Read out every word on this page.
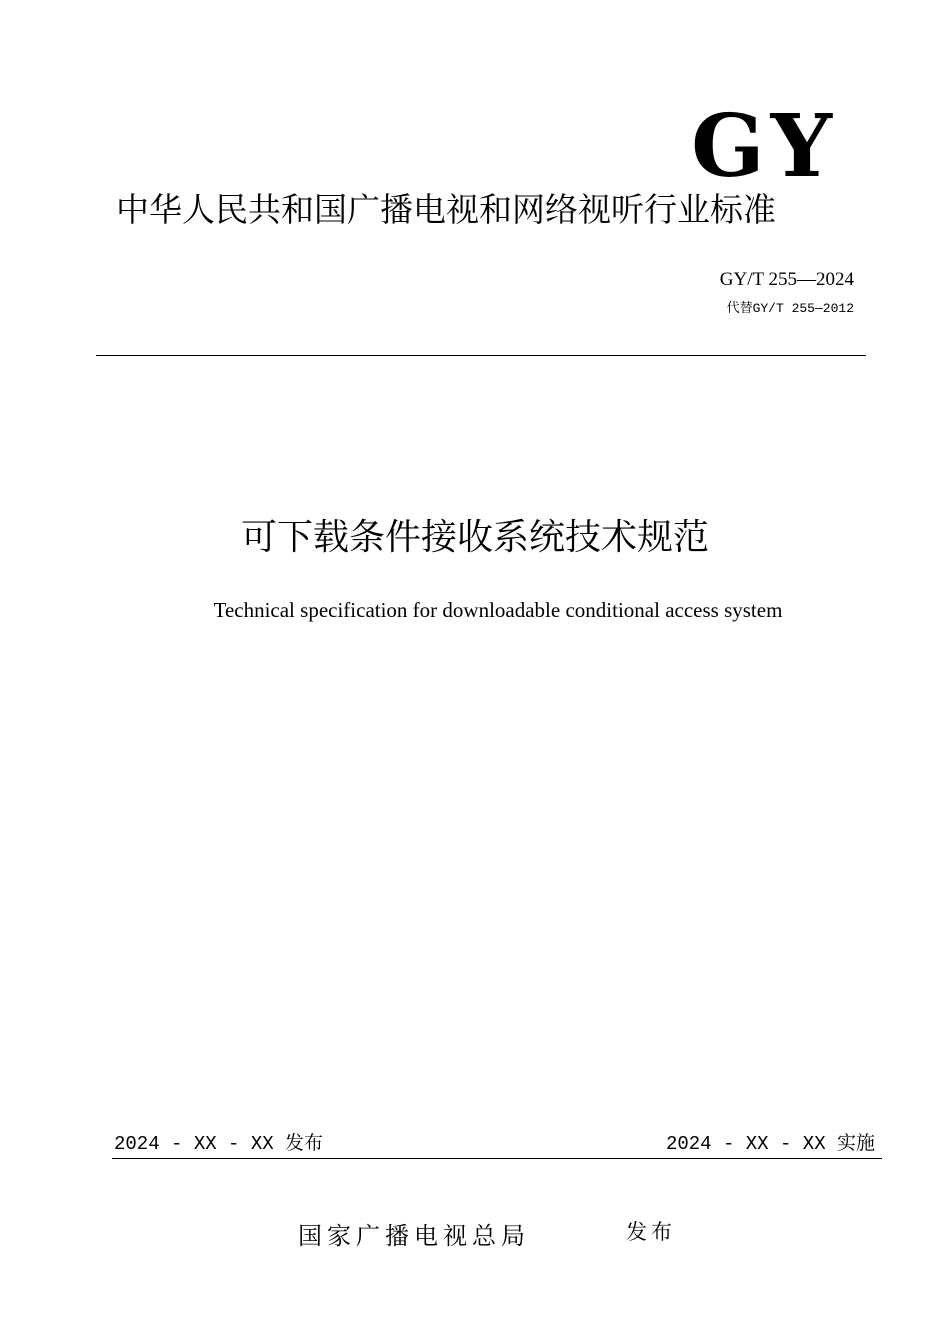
GY
中华人民共和国广播电视和网络视听行业标准
GY/T 255—2024
代替GY/T 255—2012
可下载条件接收系统技术规范
Technical specification for downloadable conditional access system
2024 - XX - XX 发布	2024 - XX - XX 实施
国家广播电视总局	发布
